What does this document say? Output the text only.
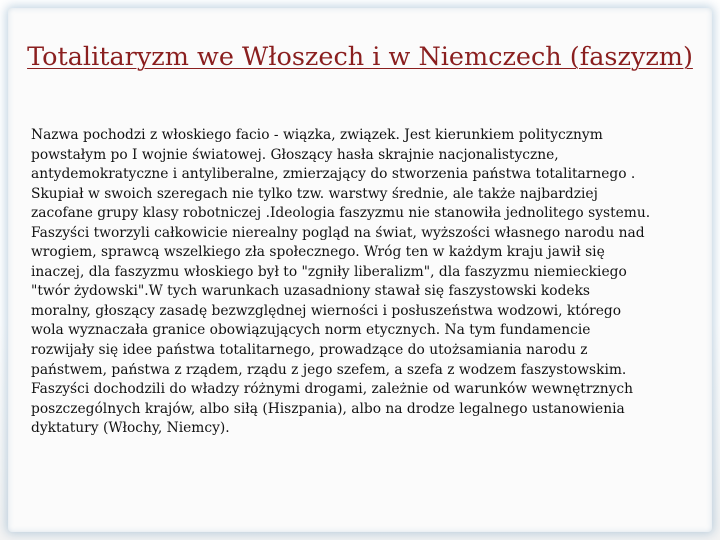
Totalitaryzm we Włoszech i w Niemczech (faszyzm)

Nazwa pochodzi z włoskiego facio - wiązka, związek. Jest kierunkiem politycznym
powstałym po I wojnie światowej. Głoszący hasła skrajnie nacjonalistyczne,
antydemokratyczne i antyliberalne, zmierzający do stworzenia państwa totalitarnego .
Skupiał w swoich szeregach nie tylko tzw. warstwy średnie, ale także najbardziej
zacofane grupy klasy robotniczej .Ideologia faszyzmu nie stanowiła jednolitego systemu.
Faszyści tworzyli całkowicie nierealny pogląd na świat, wyższości własnego narodu nad
wrogiem, sprawcą wszelkiego zła społecznego. Wróg ten w każdym kraju jawił się
inaczej, dla faszyzmu włoskiego był to "zgniły liberalizm", dla faszyzmu niemieckiego
"twór żydowski".W tych warunkach uzasadniony stawał się faszystowski kodeks
moralny, głoszący zasadę bezwzględnej wierności i posłuszeństwa wodzowi, którego
wola wyznaczała granice obowiązujących norm etycznych. Na tym fundamencie
rozwijały się idee państwa totalitarnego, prowadzące do utożsamiania narodu z
państwem, państwa z rządem, rządu z jego szefem, a szefa z wodzem faszystowskim.
Faszyści dochodzili do władzy różnymi drogami, zależnie od warunków wewnętrznych
poszczególnych krajów, albo siłą (Hiszpania), albo na drodze legalnego ustanowienia
dyktatury (Włochy, Niemcy).
